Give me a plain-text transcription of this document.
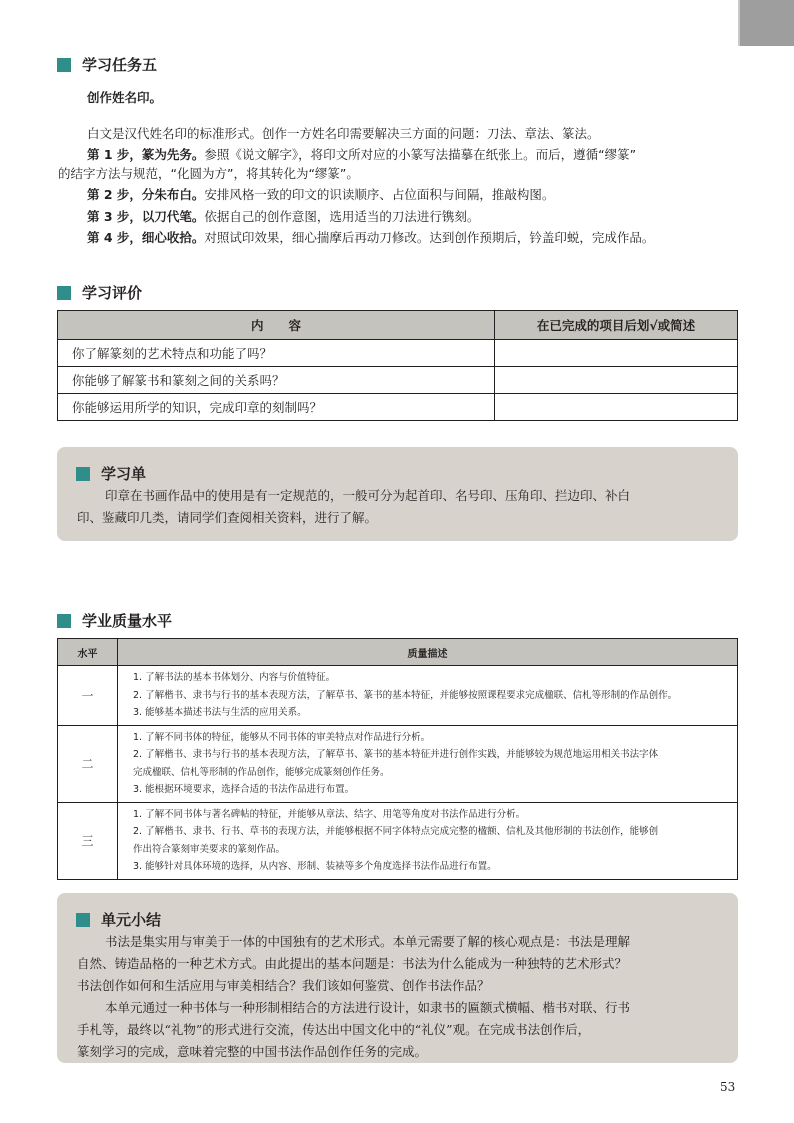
学习任务五
创作姓名印。
白文是汉代姓名印的标准形式。创作一方姓名印需要解决三方面的问题：刀法、章法、篆法。
第 1 步，篆为先务。参照《说文解字》，将印文所对应的小篆写法描摹在纸张上。而后，遵循“缪篆”
的结字方法与规范，“化圆为方”，将其转化为“缪篆”。
第 2 步，分朱布白。安排风格一致的印文的识读顺序、占位面积与间隔，推敲构图。
第 3 步，以刀代笔。依据自己的创作意图，选用适当的刀法进行镌刻。
第 4 步，细心收拾。对照试印效果，细心揣摩后再动刀修改。达到创作预期后，钤盖印蜕，完成作品。
学习评价
内　　容	在已完成的项目后划√或简述
你了解篆刻的艺术特点和功能了吗？	
你能够了解篆书和篆刻之间的关系吗？	
你能够运用所学的知识，完成印章的刻制吗？	
学习单
印章在书画作品中的使用是有一定规范的，一般可分为起首印、名号印、压角印、拦边印、补白
印、鉴藏印几类，请同学们查阅相关资料，进行了解。
学业质量水平
水平	质量描述
一	1. 了解书法的基本书体划分、内容与价值特征。
2. 了解楷书、隶书与行书的基本表现方法，了解草书、篆书的基本特征，并能够按照课程要求完成楹联、信札等形制的作品创作。
3. 能够基本描述书法与生活的应用关系。

二	1. 了解不同书体的特征，能够从不同书体的审美特点对作品进行分析。
2. 了解楷书、隶书与行书的基本表现方法，了解草书、篆书的基本特征并进行创作实践，并能够较为规范地运用相关书法字体
完成楹联、信札等形制的作品创作，能够完成篆刻创作任务。
3. 能根据环境要求，选择合适的书法作品进行布置。

三	1. 了解不同书体与著名碑帖的特征，并能够从章法、结字、用笔等角度对书法作品进行分析。
2. 了解楷书、隶书、行书、草书的表现方法，并能够根据不同字体特点完成完整的楹额、信札及其他形制的书法创作，能够创
作出符合篆刻审美要求的篆刻作品。
3. 能够针对具体环境的选择，从内容、形制、装裱等多个角度选择书法作品进行布置。
单元小结
书法是集实用与审美于一体的中国独有的艺术形式。本单元需要了解的核心观点是：书法是理解
自然、铸造品格的一种艺术方式。由此提出的基本问题是：书法为什么能成为一种独特的艺术形式？
书法创作如何和生活应用与审美相结合？我们该如何鉴赏、创作书法作品？
本单元通过一种书体与一种形制相结合的方法进行设计，如隶书的匾额式横幅、楷书对联、行书
手札等，最终以“礼物”的形式进行交流，传达出中国文化中的“礼仪”观。在完成书法创作后，
篆刻学习的完成，意味着完整的中国书法作品创作任务的完成。
53
